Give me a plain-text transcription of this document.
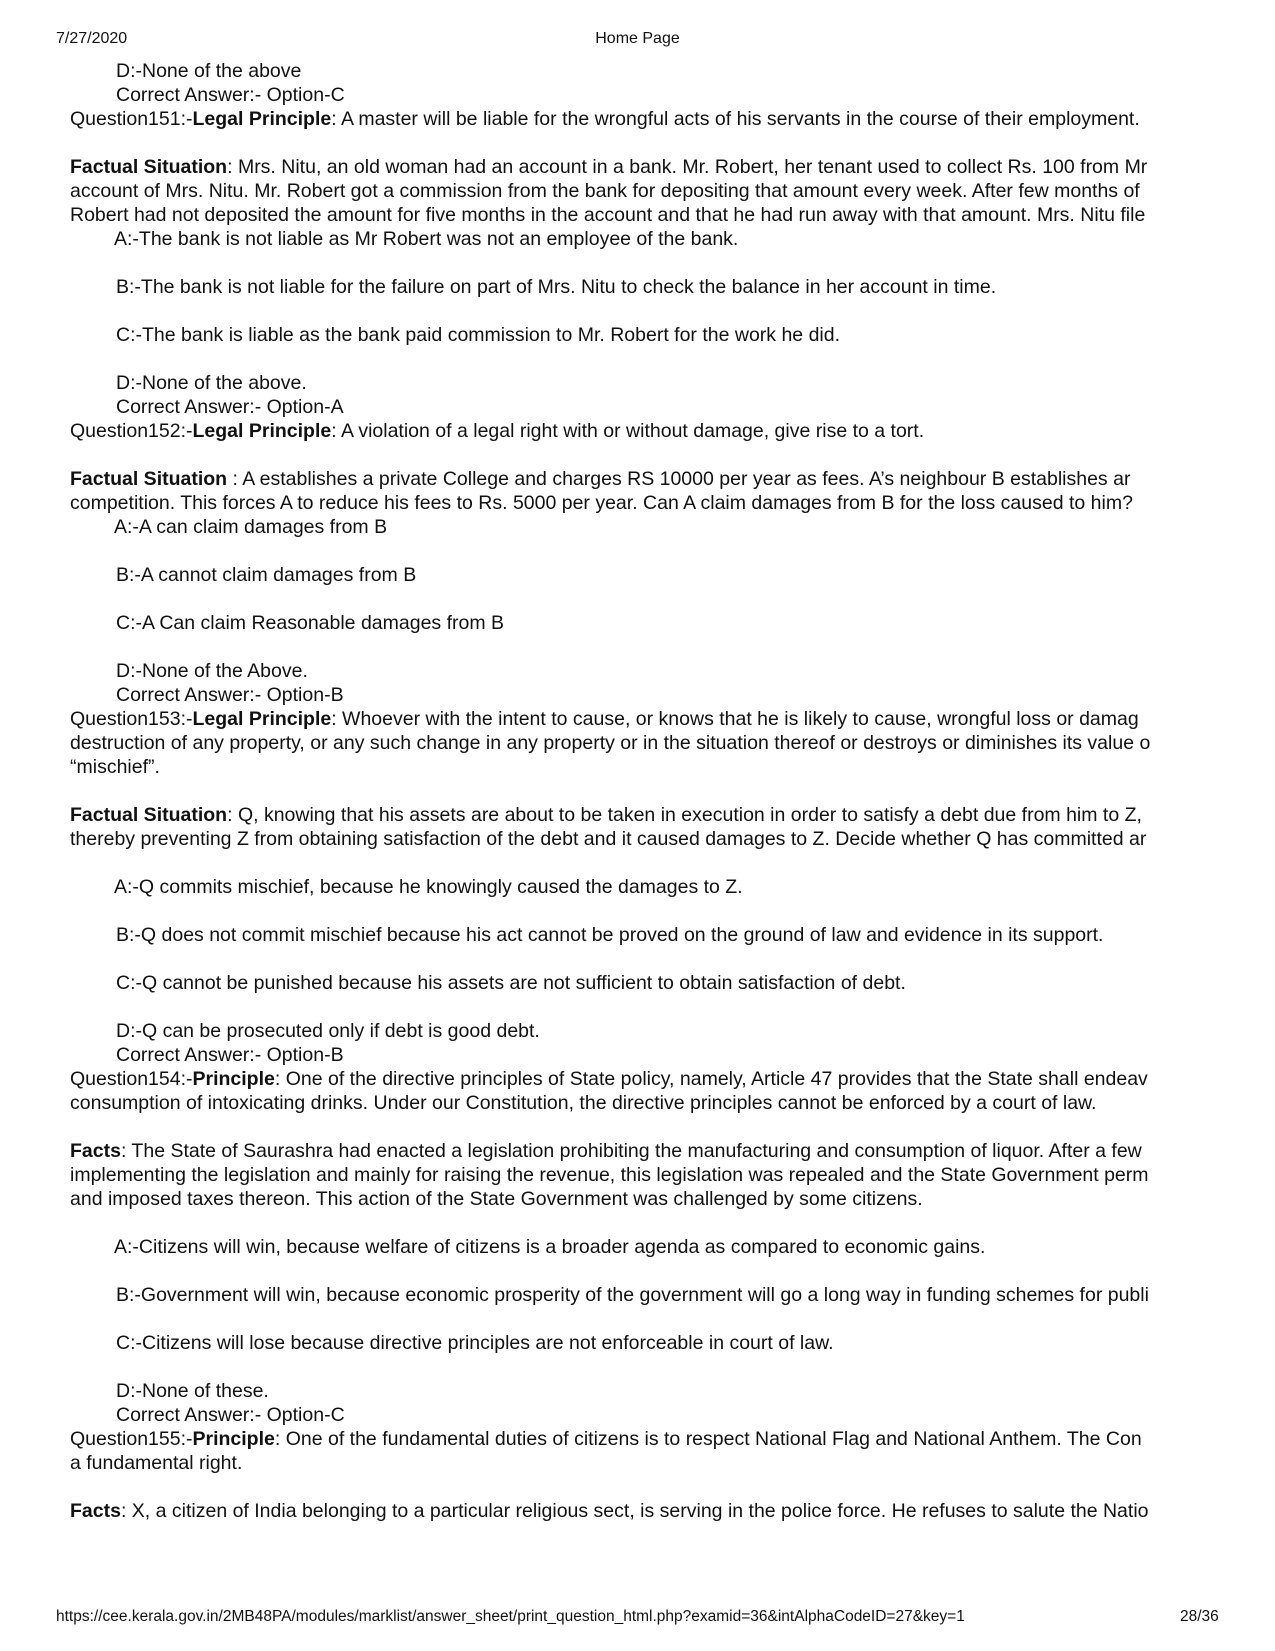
7/27/2020	Home Page
D:-None of the above
Correct Answer:- Option-C
Question151:-Legal Principle: A master will be liable for the wrongful acts of his servants in the course of their employment.
Factual Situation: Mrs. Nitu, an old woman had an account in a bank. Mr. Robert, her tenant used to collect Rs. 100 from Mr
account of Mrs. Nitu. Mr. Robert got a commission from the bank for depositing that amount every week. After few months of
Robert had not deposited the amount for five months in the account and that he had run away with that amount. Mrs. Nitu file
A:-The bank is not liable as Mr Robert was not an employee of the bank.
B:-The bank is not liable for the failure on part of Mrs. Nitu to check the balance in her account in time.
C:-The bank is liable as the bank paid commission to Mr. Robert for the work he did.
D:-None of the above.
Correct Answer:- Option-A
Question152:-Legal Principle: A violation of a legal right with or without damage, give rise to a tort.
Factual Situation : A establishes a private College and charges RS 10000 per year as fees. A’s neighbour B establishes ar
competition. This forces A to reduce his fees to Rs. 5000 per year. Can A claim damages from B for the loss caused to him?
A:-A can claim damages from B
B:-A cannot claim damages from B
C:-A Can claim Reasonable damages from B
D:-None of the Above.
Correct Answer:- Option-B
Question153:-Legal Principle: Whoever with the intent to cause, or knows that he is likely to cause, wrongful loss or damag
destruction of any property, or any such change in any property or in the situation thereof or destroys or diminishes its value o
“mischief”.
Factual Situation: Q, knowing that his assets are about to be taken in execution in order to satisfy a debt due from him to Z,
thereby preventing Z from obtaining satisfaction of the debt and it caused damages to Z. Decide whether Q has committed ar
A:-Q commits mischief, because he knowingly caused the damages to Z.
B:-Q does not commit mischief because his act cannot be proved on the ground of law and evidence in its support.
C:-Q cannot be punished because his assets are not sufficient to obtain satisfaction of debt.
D:-Q can be prosecuted only if debt is good debt.
Correct Answer:- Option-B
Question154:-Principle: One of the directive principles of State policy, namely, Article 47 provides that the State shall endeav
consumption of intoxicating drinks. Under our Constitution, the directive principles cannot be enforced by a court of law.
Facts: The State of Saurashra had enacted a legislation prohibiting the manufacturing and consumption of liquor. After a few
implementing the legislation and mainly for raising the revenue, this legislation was repealed and the State Government perm
and imposed taxes thereon. This action of the State Government was challenged by some citizens.
A:-Citizens will win, because welfare of citizens is a broader agenda as compared to economic gains.
B:-Government will win, because economic prosperity of the government will go a long way in funding schemes for publi
C:-Citizens will lose because directive principles are not enforceable in court of law.
D:-None of these.
Correct Answer:- Option-C
Question155:-Principle: One of the fundamental duties of citizens is to respect National Flag and National Anthem. The Con
a fundamental right.
Facts: X, a citizen of India belonging to a particular religious sect, is serving in the police force. He refuses to salute the Natio
https://cee.kerala.gov.in/2MB48PA/modules/marklist/answer_sheet/print_question_html.php?examid=36&intAlphaCodeID=27&key=1	28/36
